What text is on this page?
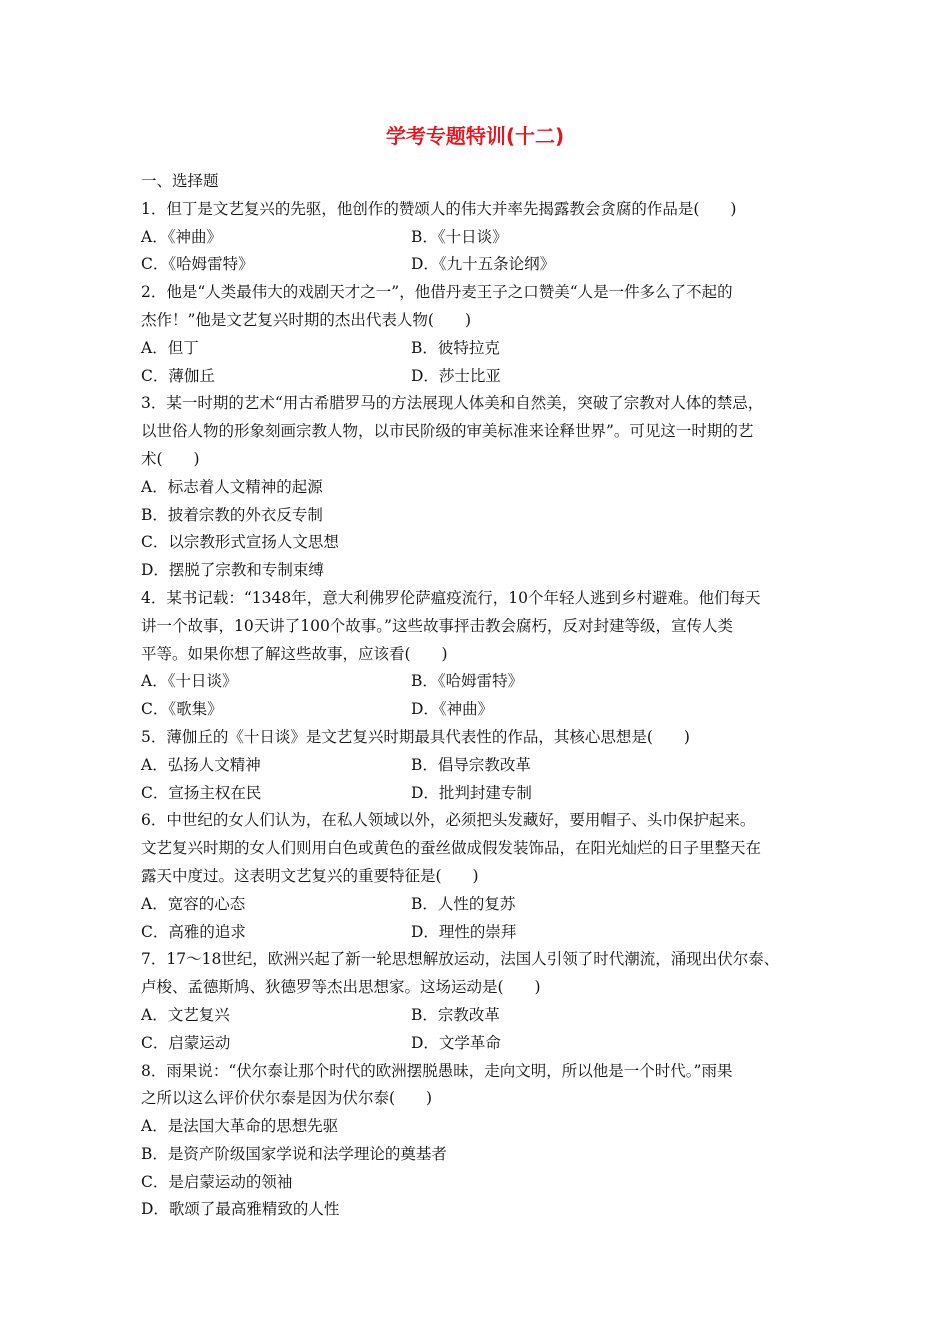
学考专题特训(十二)
一、选择题
1．但丁是文艺复兴的先驱，他创作的赞颂人的伟大并率先揭露教会贪腐的作品是(　　)
A．《神曲》	B．《十日谈》
C．《哈姆雷特》	D．《九十五条论纲》
2．他是“人类最伟大的戏剧天才之一”，他借丹麦王子之口赞美“人是一件多么了不起的
杰作！”他是文艺复兴时期的杰出代表人物(　　)
A．但丁	B．彼特拉克
C．薄伽丘	D．莎士比亚
3．某一时期的艺术“用古希腊罗马的方法展现人体美和自然美，突破了宗教对人体的禁忌，
以世俗人物的形象刻画宗教人物，以市民阶级的审美标准来诠释世界”。可见这一时期的艺
术(　　)
A．标志着人文精神的起源
B．披着宗教的外衣反专制
C．以宗教形式宣扬人文思想
D．摆脱了宗教和专制束缚
4．某书记载：“1348年，意大利佛罗伦萨瘟疫流行，10个年轻人逃到乡村避难。他们每天
讲一个故事，10天讲了100个故事。”这些故事抨击教会腐朽，反对封建等级，宣传人类
平等。如果你想了解这些故事，应该看(　　)
A．《十日谈》	B．《哈姆雷特》
C．《歌集》	D．《神曲》
5．薄伽丘的《十日谈》是文艺复兴时期最具代表性的作品，其核心思想是(　　)
A．弘扬人文精神	B．倡导宗教改革
C．宣扬主权在民	D．批判封建专制
6．中世纪的女人们认为，在私人领域以外，必须把头发藏好，要用帽子、头巾保护起来。
文艺复兴时期的女人们则用白色或黄色的蚕丝做成假发装饰品，在阳光灿烂的日子里整天在
露天中度过。这表明文艺复兴的重要特征是(　　)
A．宽容的心态	B．人性的复苏
C．高雅的追求	D．理性的崇拜
7．17～18世纪，欧洲兴起了新一轮思想解放运动，法国人引领了时代潮流，涌现出伏尔泰、
卢梭、孟德斯鸠、狄德罗等杰出思想家。这场运动是(　　)
A．文艺复兴	B．宗教改革
C．启蒙运动	D．文学革命
8．雨果说：“伏尔泰让那个时代的欧洲摆脱愚昧，走向文明，所以他是一个时代。”雨果
之所以这么评价伏尔泰是因为伏尔泰(　　)
A．是法国大革命的思想先驱
B．是资产阶级国家学说和法学理论的奠基者
C．是启蒙运动的领袖
D．歌颂了最高雅精致的人性
